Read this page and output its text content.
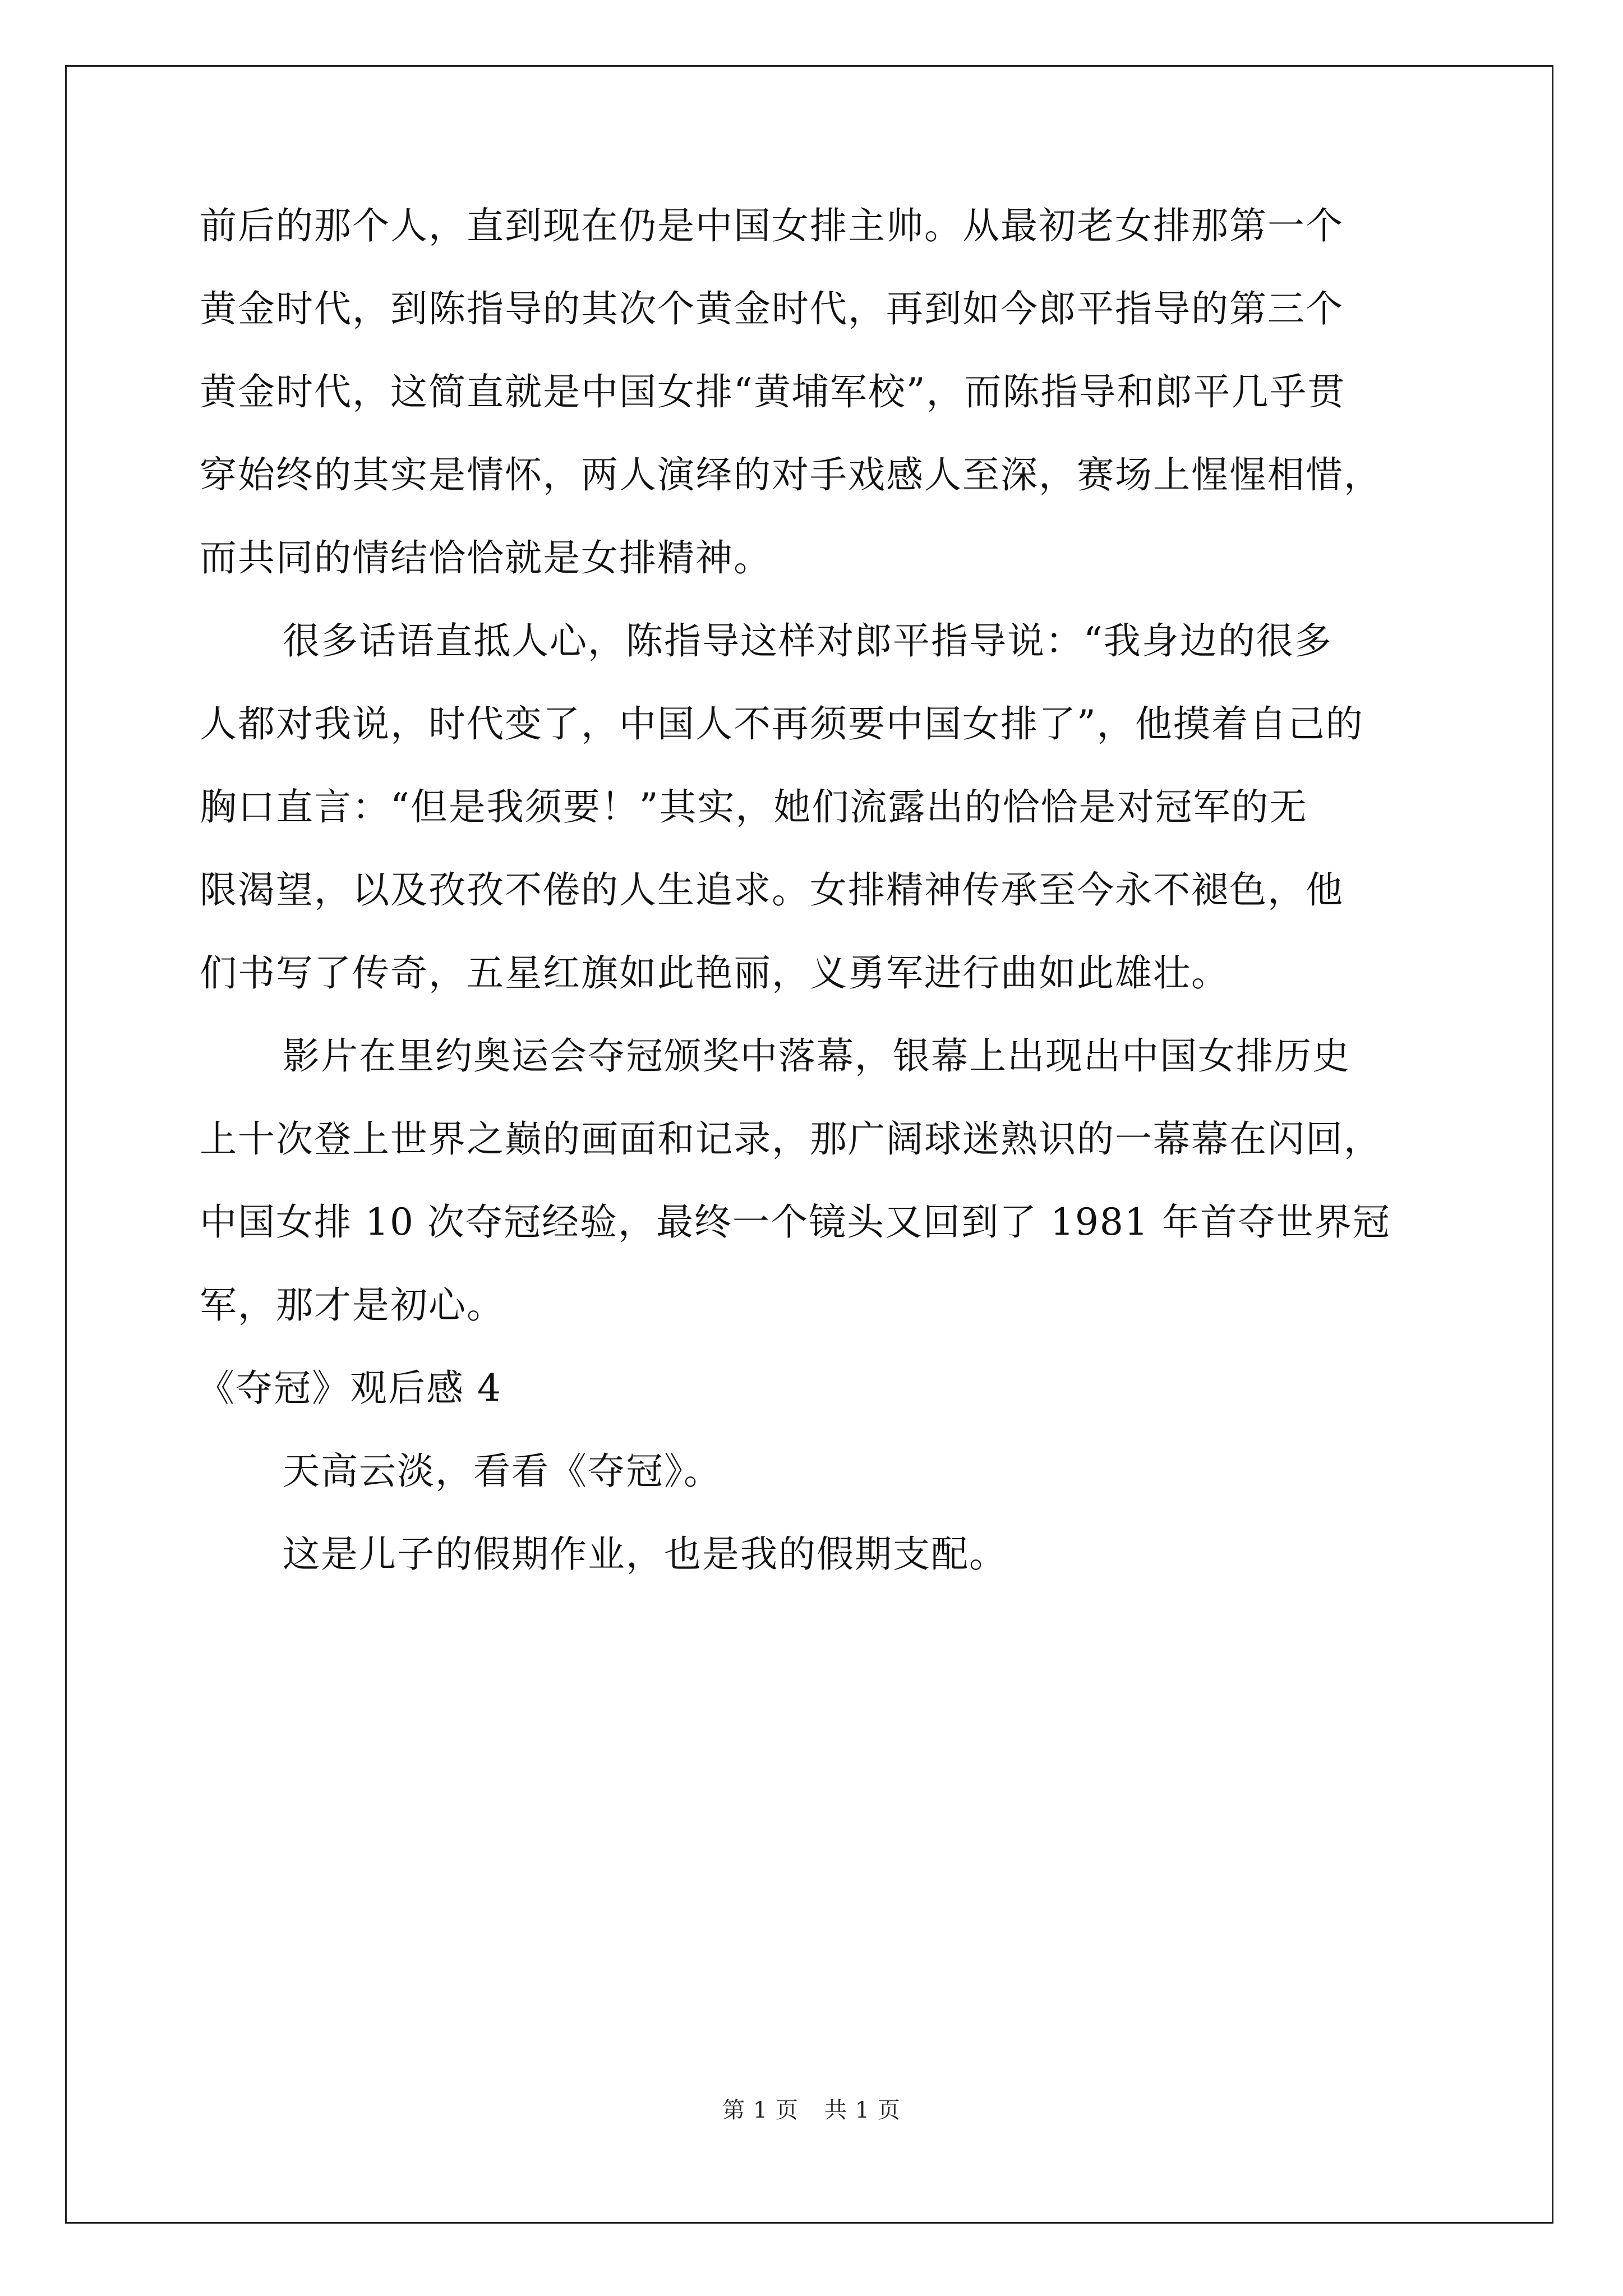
前后的那个人，直到现在仍是中国女排主帅。从最初老女排那第一个

黄金时代，到陈指导的其次个黄金时代，再到如今郎平指导的第三个

黄金时代，这简直就是中国女排“黄埔军校”，而陈指导和郎平几乎贯

穿始终的其实是情怀，两人演绎的对手戏感人至深，赛场上惺惺相惜，

而共同的情结恰恰就是女排精神。

很多话语直抵人心，陈指导这样对郎平指导说：“我身边的很多

人都对我说，时代变了，中国人不再须要中国女排了”，他摸着自己的

胸口直言：“但是我须要！”其实，她们流露出的恰恰是对冠军的无

限渴望，以及孜孜不倦的人生追求。女排精神传承至今永不褪色，他

们书写了传奇，五星红旗如此艳丽，义勇军进行曲如此雄壮。

影片在里约奥运会夺冠颁奖中落幕，银幕上出现出中国女排历史

上十次登上世界之巅的画面和记录，那广阔球迷熟识的一幕幕在闪回，

中国女排 10 次夺冠经验，最终一个镜头又回到了 1981 年首夺世界冠

军，那才是初心。

《夺冠》观后感 4

天高云淡，看看《夺冠》。

这是儿子的假期作业，也是我的假期支配。

第 1 页 共 1 页
